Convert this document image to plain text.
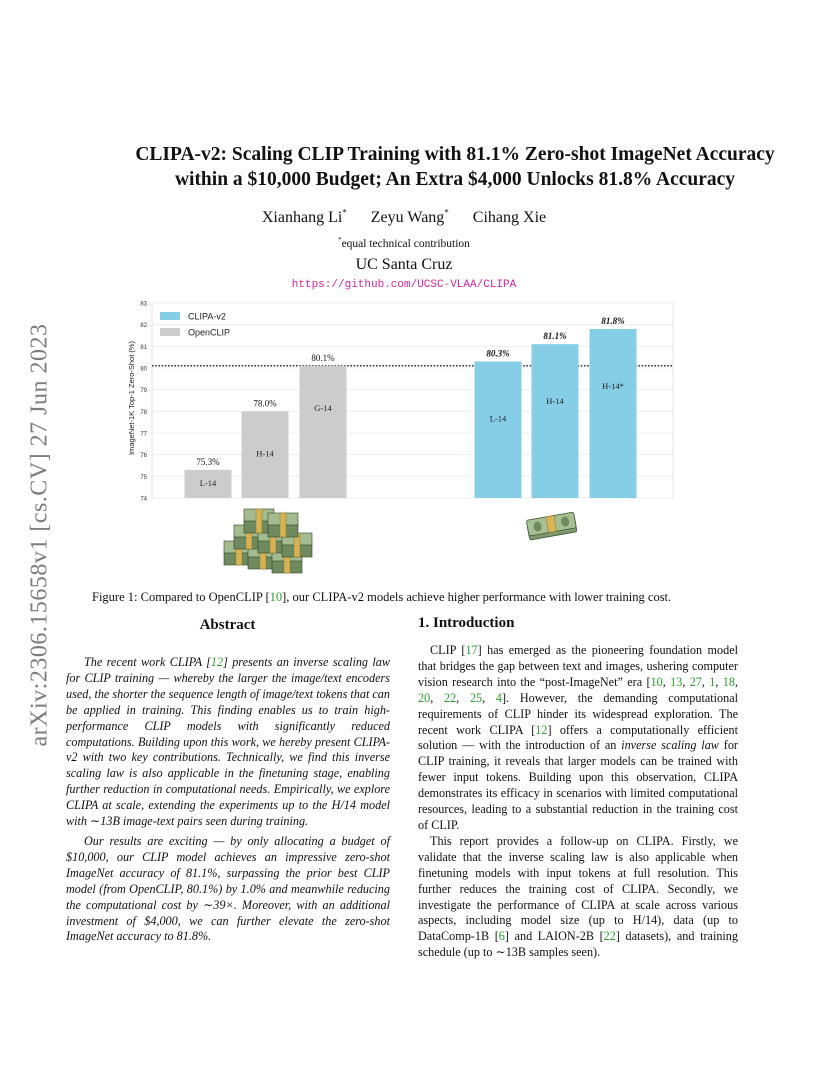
arXiv:2306.15658v1 [cs.CV] 27 Jun 2023
CLIPA-v2: Scaling CLIP Training with 81.1% Zero-shot ImageNet Accuracy
within a $10,000 Budget; An Extra $4,000 Unlocks 81.8% Accuracy
Xianhang Li* Zeyu Wang* Cihang Xie
*equal technical contribution
UC Santa Cruz
https://github.com/UCSC-VLAA/CLIPA
ImageNet-1K Top-1 Zero-Shot (%)
74
75
76
77
78
79
80
81
82
83
75.3%
L-14
78.0%
H-14
80.1%
G-14
80.3%
L-14
81.1%
H-14
81.8%
H-14*
CLIPA-v2
OpenCLIP
Figure 1: Compared to OpenCLIP [10], our CLIPA-v2 models achieve higher performance with lower training cost.
Abstract	1. Introduction

The recent work CLIPA [12] presents an inverse scaling law for CLIP training — whereby the larger the image/text encoders used, the shorter the sequence length of image/text tokens that can be applied in training. This finding enables us to train high-performance CLIP models with significantly reduced computations. Building upon this work, we hereby present CLIPA-v2 with two key contributions. Technically, we find this inverse scaling law is also applicable in the finetuning stage, enabling further reduction in computational needs. Empirically, we explore CLIPA at scale, extending the experiments up to the H/14 model with ∼13B image-text pairs seen during training.

Our results are exciting — by only allocating a budget of $10,000, our CLIP model achieves an impressive zero-shot ImageNet accuracy of 81.1%, surpassing the prior best CLIP model (from OpenCLIP, 80.1%) by 1.0% and meanwhile reducing the computational cost by ∼39×. Moreover, with an additional investment of $4,000, we can further elevate the zero-shot ImageNet accuracy to 81.8%.

CLIP [17] has emerged as the pioneering foundation model that bridges the gap between text and images, ushering computer vision research into the “post-ImageNet” era [10, 13, 27, 1, 18, 20, 22, 25, 4]. However, the demanding computational requirements of CLIP hinder its widespread exploration. The recent work CLIPA [12] offers a computationally efficient solution — with the introduction of an inverse scaling law for CLIP training, it reveals that larger models can be trained with fewer input tokens. Building upon this observation, CLIPA demonstrates its efficacy in scenarios with limited computational resources, leading to a substantial reduction in the training cost of CLIP.

This report provides a follow-up on CLIPA. Firstly, we validate that the inverse scaling law is also applicable when finetuning models with input tokens at full resolution. This further reduces the training cost of CLIPA. Secondly, we investigate the performance of CLIPA at scale across various aspects, including model size (up to H/14), data (up to DataComp-1B [6] and LAION-2B [22] datasets), and training schedule (up to ∼13B samples seen).
